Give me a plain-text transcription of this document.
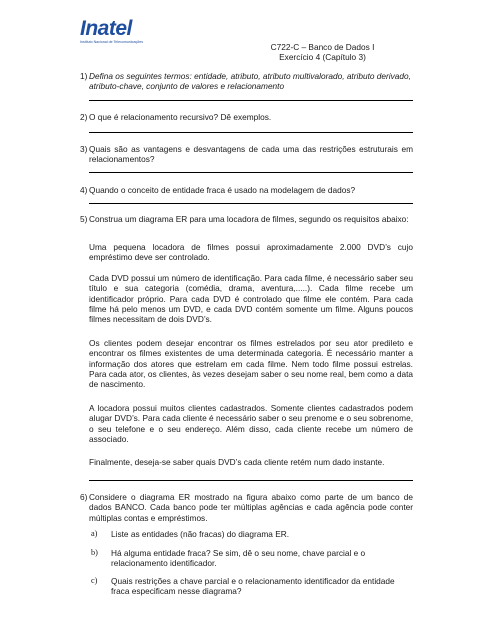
Inatel
Instituto Nacional de Telecomunicações	C722-C – Banco de Dados I
Exercício 4 (Capítulo 3)
1) Defina os seguintes termos: entidade, atributo, atributo multivalorado, atributo derivado, atributo-chave, conjunto de valores e relacionamento
2) O que é relacionamento recursivo? Dê exemplos.
3) Quais são as vantagens e desvantagens de cada uma das restrições estruturais em relacionamentos?
4) Quando o conceito de entidade fraca é usado na modelagem de dados?
5) Construa um diagrama ER para uma locadora de filmes, segundo os requisitos abaixo:
Uma pequena locadora de filmes possui aproximadamente 2.000 DVD’s cujo empréstimo deve ser controlado.
Cada DVD possui um número de identificação. Para cada filme, é necessário saber seu título e sua categoria (comédia, drama, aventura,.....). Cada filme recebe um identificador próprio. Para cada DVD é controlado que filme ele contém. Para cada filme há pelo menos um DVD, e cada DVD contém somente um filme. Alguns poucos filmes necessitam de dois DVD’s.
Os clientes podem desejar encontrar os filmes estrelados por seu ator predileto e encontrar os filmes existentes de uma determinada categoria. É necessário manter a informação dos atores que estrelam em cada filme. Nem todo filme possui estrelas. Para cada ator, os clientes, às vezes desejam saber o seu nome real, bem como a data de nascimento.
A locadora possui muitos clientes cadastrados. Somente clientes cadastrados podem alugar DVD’s. Para cada cliente é necessário saber o seu prenome e o seu sobrenome, o seu telefone e o seu endereço. Além disso, cada cliente recebe um número de associado.
Finalmente, deseja-se saber quais DVD’s cada cliente retém num dado instante.
6) Considere o diagrama ER mostrado na figura abaixo como parte de um banco de dados BANCO. Cada banco pode ter múltiplas agências e cada agência pode conter múltiplas contas e empréstimos.
a) Liste as entidades (não fracas) do diagrama ER.
b) Há alguma entidade fraca? Se sim, dê o seu nome, chave parcial e o relacionamento identificador.
c) Quais restrições a chave parcial e o relacionamento identificador da entidade fraca especificam nesse diagrama?
